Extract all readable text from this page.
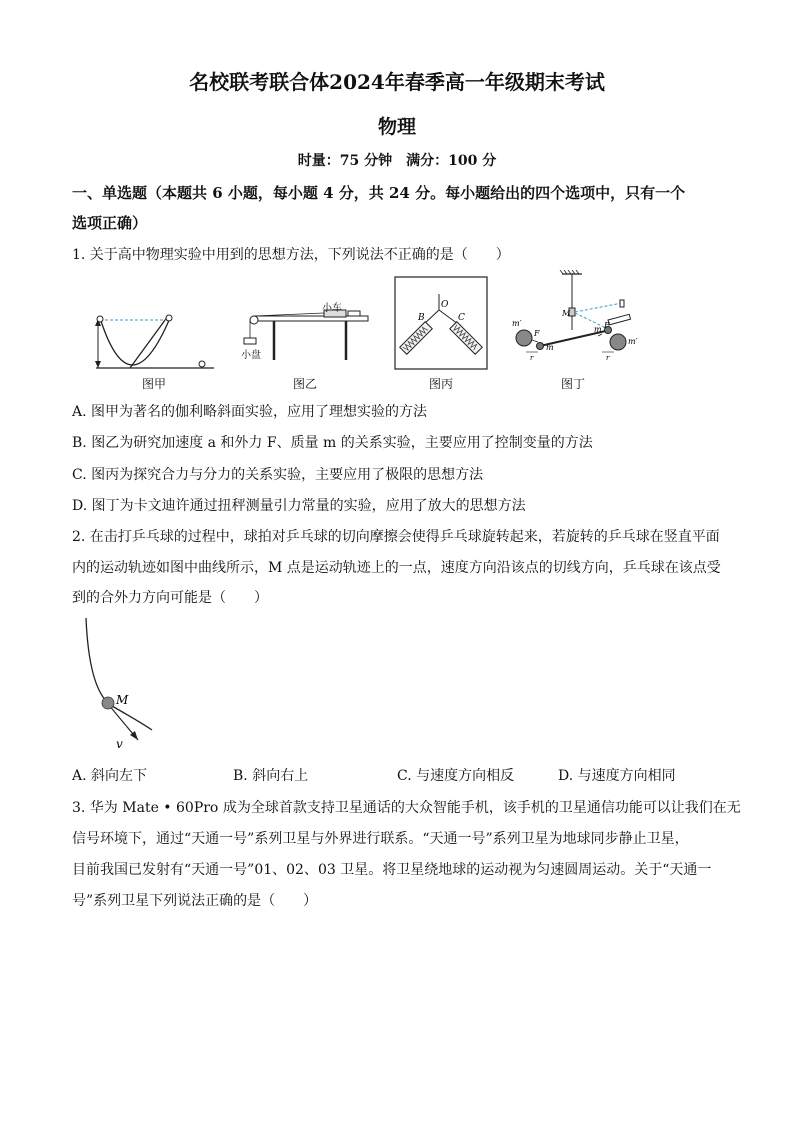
名校联考联合体2024年春季高一年级期末考试
物理
时量：75 分钟 满分：100 分
一、单选题（本题共 6 小题，每小题 4 分，共 24 分。每小题给出的四个选项中，只有一个
选项正确）
1. 关于高中物理实验中用到的思想方法，下列说法不正确的是（　　）
图甲
小车
小盘
图乙
O
B	C
图丙
M
F
F
m
m
m′
m′
r	r
图丁
A. 图甲为著名的伽利略斜面实验，应用了理想实验的方法
B. 图乙为研究加速度 a 和外力 F、质量 m 的关系实验，主要应用了控制变量的方法
C. 图丙为探究合力与分力的关系实验，主要应用了极限的思想方法
D. 图丁为卡文迪许通过扭秤测量引力常量的实验，应用了放大的思想方法
2. 在击打乒乓球的过程中，球拍对乒乓球的切向摩擦会使得乒乓球旋转起来，若旋转的乒乓球在竖直平面
内的运动轨迹如图中曲线所示，M 点是运动轨迹上的一点，速度方向沿该点的切线方向，乒乓球在该点受
到的合外力方向可能是（　　）
M
v
A. 斜向左下	B. 斜向右上	C. 与速度方向相反	D. 与速度方向相同
3. 华为 Mate • 60Pro 成为全球首款支持卫星通话的大众智能手机，该手机的卫星通信功能可以让我们在无
信号环境下，通过“天通一号”系列卫星与外界进行联系。“天通一号”系列卫星为地球同步静止卫星，
目前我国已发射有“天通一号”01、02、03 卫星。将卫星绕地球的运动视为匀速圆周运动。关于“天通一
号”系列卫星下列说法正确的是（　　）
